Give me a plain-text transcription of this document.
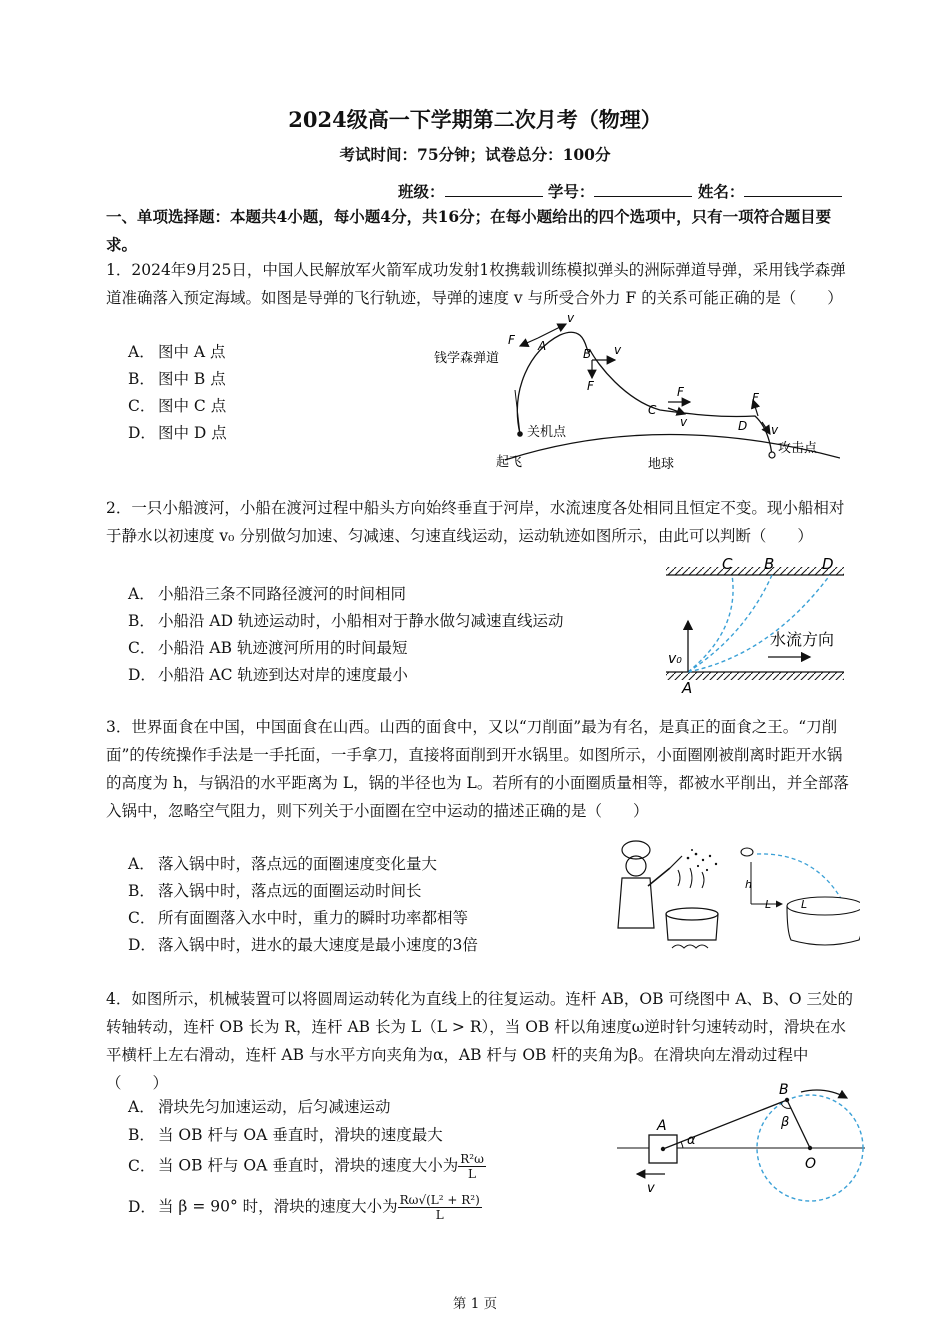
2024级高一下学期第二次月考（物理）
考试时间：75分钟；试卷总分：100分
班级：	学号：	姓名：
一、单项选择题：本题共4小题，每小题4分，共16分；在每小题给出的四个选项中，只有一项符合题目要求。
1．2024年9月25日，中国人民解放军火箭军成功发射1枚携载训练模拟弹头的洲际弹道导弹，采用钱学森弹道准确落入预定海域。如图是导弹的飞行轨迹，导弹的速度 v 与所受合外力 F 的关系可能正确的是（　　）
A． 图中 A 点
B． 图中 B 点
C． 图中 C 点
D． 图中 D 点
钱学森弹道
关机点
起飞	地球
攻击点
F A
v
B v
F	F
C
v
F
D v
2．一只小船渡河，小船在渡河过程中船头方向始终垂直于河岸，水流速度各处相同且恒定不变。现小船相对于静水以初速度 v₀ 分别做匀加速、匀减速、匀速直线运动，运动轨迹如图所示，由此可以判断（　　）
A． 小船沿三条不同路径渡河的时间相同
B． 小船沿 AD 轨迹运动时，小船相对于静水做匀减速直线运动
C． 小船沿 AB 轨迹渡河所用的时间最短
D． 小船沿 AC 轨迹到达对岸的速度最小
C B	D
A
v₀
水流方向
3．世界面食在中国，中国面食在山西。山西的面食中，又以“刀削面”最为有名，是真正的面食之王。“刀削面”的传统操作手法是一手托面，一手拿刀，直接将面削到开水锅里。如图所示，小面圈刚被削离时距开水锅的高度为 h，与锅沿的水平距离为 L，锅的半径也为 L。若所有的小面圈质量相等，都被水平削出，并全部落入锅中，忽略空气阻力，则下列关于小面圈在空中运动的描述正确的是（　　）
A． 落入锅中时，落点远的面圈速度变化量大
B． 落入锅中时，落点远的面圈运动时间长
C． 所有面圈落入水中时，重力的瞬时功率都相等
D． 落入锅中时，进水的最大速度是最小速度的3倍
h
L	L
4．如图所示，机械装置可以将圆周运动转化为直线上的往复运动。连杆 AB，OB 可绕图中 A、B、O 三处的转轴转动，连杆 OB 长为 R，连杆 AB 长为 L（L > R），当 OB 杆以角速度ω逆时针匀速转动时，滑块在水平横杆上左右滑动，连杆 AB 与水平方向夹角为α，AB 杆与 OB 杆的夹角为β。在滑块向左滑动过程中（　　）
A． 滑块先匀加速运动，后匀减速运动
B． 当 OB 杆与 OA 垂直时，滑块的速度最大
C． 当 OB 杆与 OA 垂直时，滑块的速度大小为 $\frac{\text{R²ω}}{L}$
D． 当 β = 90° 时，滑块的速度大小为 $\frac{\text{Rω√(L² + R²)}}{L}$
A
B
O
α
β
v
第 1 页
